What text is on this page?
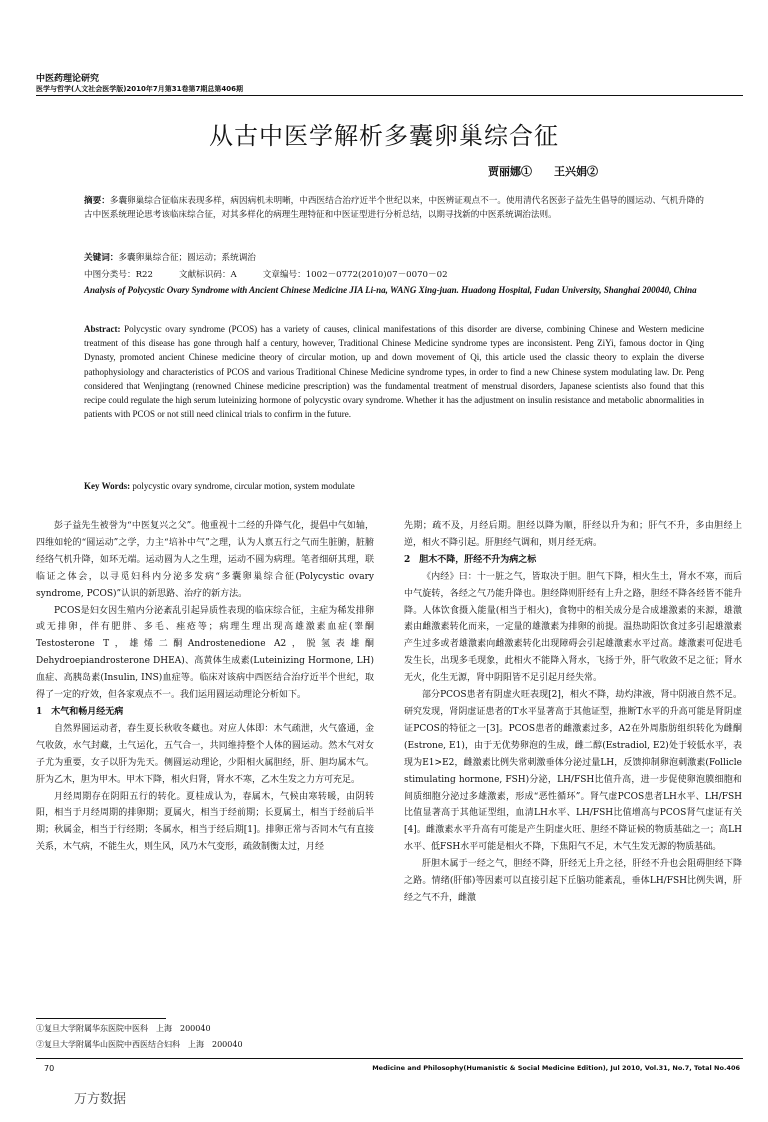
中医药理论研究
医学与哲学(人文社会医学版)2010年7月第31卷第7期总第406期
从古中医学解析多囊卵巢综合征
贾丽娜① 王兴娟②
摘要：多囊卵巢综合征临床表现多样，病因病机未明晰，中西医结合治疗近半个世纪以来，中医辨证观点不一。使用清代名医彭子益先生倡导的圆运动、气机升降的古中医系统理论思考该临床综合征，对其多样化的病理生理特征和中医证型进行分析总结，以期寻找新的中医系统调治法则。
关键词：多囊卵巢综合征；圆运动；系统调治
中图分类号：R22	文献标识码：A	文章编号：1002－0772(2010)07－0070－02
Analysis of Polycystic Ovary Syndrome with Ancient Chinese Medicine JIA Li-na, WANG Xing-juan. Huadong Hospital, Fudan University, Shanghai 200040, China
Abstract: Polycystic ovary syndrome (PCOS) has a variety of causes, clinical manifestations of this disorder are diverse, combining Chinese and Western medicine treatment of this disease has gone through half a century, however, Traditional Chinese Medicine syndrome types are inconsistent. Peng ZiYi, famous doctor in Qing Dynasty, promoted ancient Chinese medicine theory of circular motion, up and down movement of Qi, this article used the classic theory to explain the diverse pathophysiology and characteristics of PCOS and various Traditional Chinese Medicine syndrome types, in order to find a new Chinese system modulating law. Dr. Peng considered that Wenjingtang (renowned Chinese medicine prescription) was the fundamental treatment of menstrual disorders, Japanese scientists also found that this recipe could regulate the high serum luteinizing hormone of polycystic ovary syndrome. Whether it has the adjustment on insulin resistance and metabolic abnormalities in patients with PCOS or not still need clinical trials to confirm in the future.
Key Words: polycystic ovary syndrome, circular motion, system modulate

彭子益先生被誉为“中医复兴之父”。他重视十二经的升降气化，提倡中气如轴，四维如轮的“圆运动”之学，力主“培补中气”之理，认为人禀五行之气而生脏腑，脏腑经络气机升降，如环无端。运动圆为人之生理，运动不圆为病理。笔者细研其理，联临证之体会，以寻觅妇科内分泌多发病“多囊卵巢综合征(Polycystic ovary syndrome, PCOS)”认识的新思路、治疗的新方法。

PCOS是妇女因生殖内分泌紊乱引起异质性表现的临床综合征，主症为稀发排卵或无排卵，伴有肥胖、多毛、痤疮等；病理生理出现高雄激素血症(睾酮Testosterone T，雄烯二酮Androstenedione A2，脱氢表雄酮Dehydroepiandrosterone DHEA)、高黄体生成素(Luteinizing Hormone, LH)血症、高胰岛素(Insulin, INS)血症等。临床对该病中西医结合治疗近半个世纪，取得了一定的疗效，但各家观点不一。我们运用圆运动理论分析如下。

1　木气和畅月经无病

自然界圆运动者，春生夏长秋收冬藏也。对应人体即：木气疏泄，火气盛通，金气收敛，水气封藏，土气运化，五气合一，共同维持整个人体的圆运动。然木气对女子尤为重要，女子以肝为先天。侧圆运动理论，少阳相火属胆经，肝、胆均属木气。肝为乙木，胆为甲木。甲木下降，相火归肾，肾水不寒，乙木生发之力方可充足。

月经周期存在阴阳五行的转化。夏桂成认为，春属木，气候由寒转暖，由阴转阳，相当于月经周期的排卵期；夏属火，相当于经前期；长夏属土，相当于经前后半期；秋属金，相当于行经期；冬属水，相当于经后期[1]。排卵正常与否同木气有直接关系，木气病，不能生火，则生风，风乃木气变形，疏敛制衡太过，月经

先期；疏不及，月经后期。胆经以降为顺，肝经以升为和；肝气不升，多由胆经上逆，相火不降引起。肝胆经气调和，则月经无病。

2　胆木不降，肝经不升为病之标

《内经》曰：十一脏之气，皆取决于胆。胆气下降，相火生土，肾水不寒，而后中气旋转，各经之气乃能升降也。胆经降则肝经有上升之路，胆经不降各经皆不能升降。人体饮食摄入能量(相当于相火)，食物中的相关成分是合成雄激素的来源，雄激素由雌激素转化而来，一定量的雄激素为排卵的前提。温热助阳饮食过多引起雄激素产生过多或者雄激素向雌激素转化出现障碍会引起雄激素水平过高。雄激素可促进毛发生长，出现多毛现象，此相火不能降入肾水，飞扬于外，肝气收敛不足之征；肾水无火，化生无源，肾中阴阳皆不足引起月经失常。

部分PCOS患者有阴虚火旺表现[2]，相火不降，劫灼津液，肾中阴液自然不足。研究发现，肾阴虚证患者的T水平显著高于其他证型，推断T水平的升高可能是肾阴虚证PCOS的特征之一[3]。PCOS患者的雌激素过多，A2在外周脂肪组织转化为雌酮(Estrone, E1)，由于无优势卵泡的生成，雌二醇(Estradiol, E2)处于较低水平，表现为E1>E2，雌激素比例失常刺激垂体分泌过量LH，反馈抑制卵泡刺激素(Follicle stimulating hormone, FSH)分泌，LH/FSH比值升高，进一步促使卵泡膜细胞和间质细胞分泌过多雄激素，形成“恶性循环”。肾气虚PCOS患者LH水平、LH/FSH比值显著高于其他证型组，血清LH水平、LH/FSH比值增高与PCOS肾气虚证有关[4]。雌激素水平升高有可能是产生阴虚火旺、胆经不降证候的物质基础之一；高LH水平、低FSH水平可能是相火不降，下焦阳气不足，木气生发无源的物质基础。

肝胆木属于一经之气，胆经不降，肝经无上升之径，肝经不升也会阻碍胆经下降之路。情绪(肝郁)等因素可以直接引起下丘脑功能紊乱，垂体LH/FSH比例失调，肝经之气不升，雌激

①复旦大学附属华东医院中医科　上海　200040
②复旦大学附属华山医院中西医结合妇科　上海　200040
70	Medicine and Philosophy(Humanistic & Social Medicine Edition), Jul 2010, Vol.31, No.7, Total No.406
万方数据
